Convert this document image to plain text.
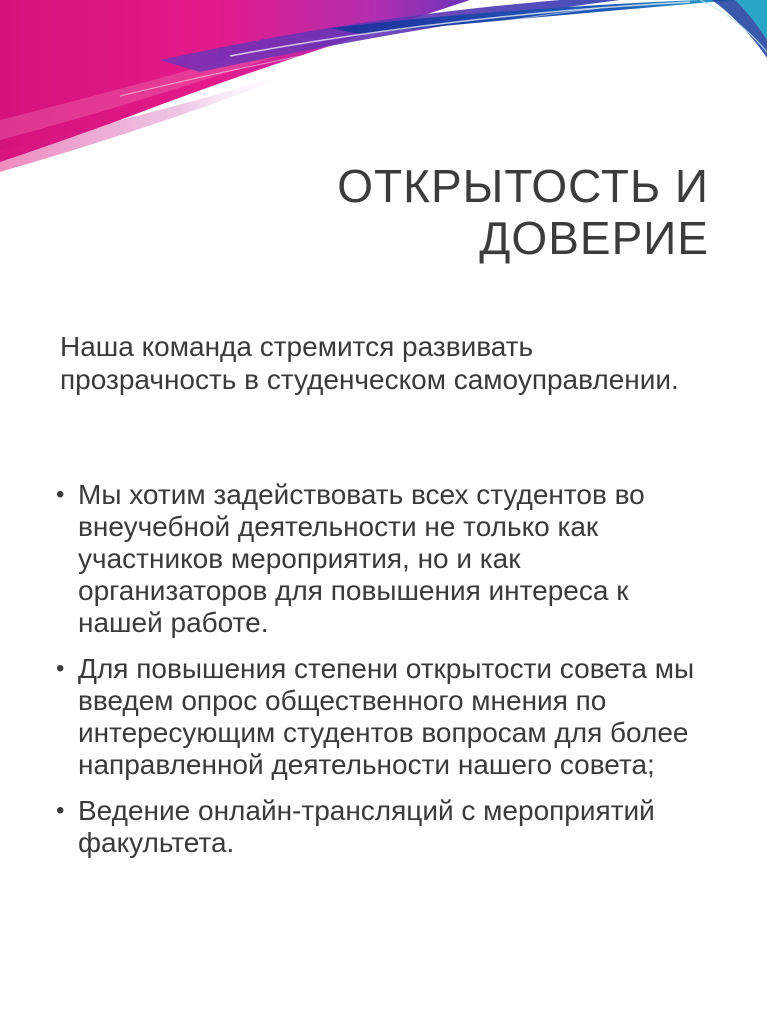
ОТКРЫТОСТЬ И
ДОВЕРИЕ

Наша команда стремится развивать прозрачность в студенческом самоуправлении.

• Мы хотим задействовать всех студентов во внеучебной деятельности не только как участников мероприятия, но и как организаторов для повышения интереса к нашей работе.
• Для повышения степени открытости совета мы введем опрос общественного мнения по интересующим студентов вопросам для более направленной деятельности нашего совета;
• Ведение онлайн-трансляций с мероприятий факультета.
